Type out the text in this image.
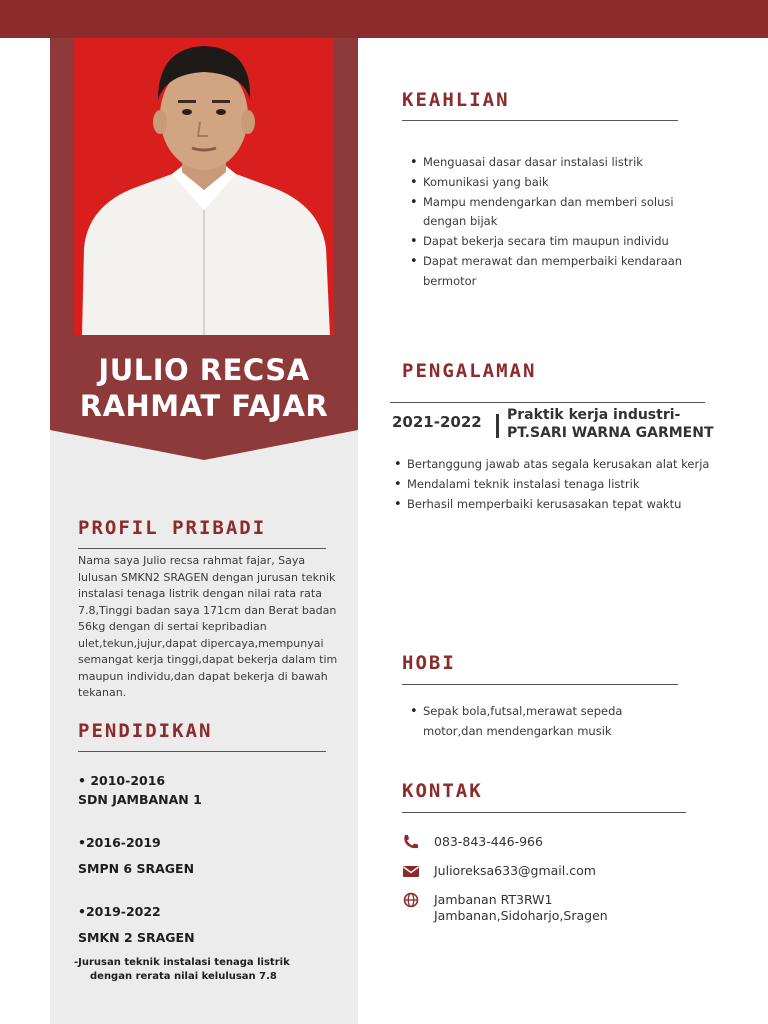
JULIO RECSA
RAHMAT FAJAR
PROFIL PRIBADI
Nama saya Julio recsa rahmat fajar, Saya lulusan SMKN2 SRAGEN dengan jurusan teknik instalasi tenaga listrik dengan nilai rata rata 7.8,Tinggi badan saya 171cm dan Berat badan 56kg dengan di sertai kepribadian ulet,tekun,jujur,dapat dipercaya,mempunyai semangat kerja tinggi,dapat bekerja dalam tim maupun individu,dan dapat bekerja di bawah tekanan.
PENDIDIKAN
• 2010-2016
SDN JAMBANAN 1
•2016-2019
SMPN 6 SRAGEN
•2019-2022
SMKN 2 SRAGEN
-Jurusan teknik instalasi tenaga listrik
dengan rerata nilai kelulusan 7.8
KEAHLIAN
• Menguasai dasar dasar instalasi listrik
• Komunikasi yang baik
• Mampu mendengarkan dan memberi solusi dengan bijak
• Dapat bekerja secara tim maupun individu
• Dapat merawat dan memperbaiki kendaraan bermotor
PENGALAMAN
2021-2022 Praktik kerja industri-
PT.SARI WARNA GARMENT
• Bertanggung jawab atas segala kerusakan alat kerja
• Mendalami teknik instalasi tenaga listrik
• Berhasil memperbaiki kerusasakan tepat waktu
HOBI
• Sepak bola,futsal,merawat sepeda motor,dan mendengarkan musik
KONTAK
083-843-446-966
Julioreksa633@gmail.com
Jambanan RT3RW1
Jambanan,Sidoharjo,Sragen
